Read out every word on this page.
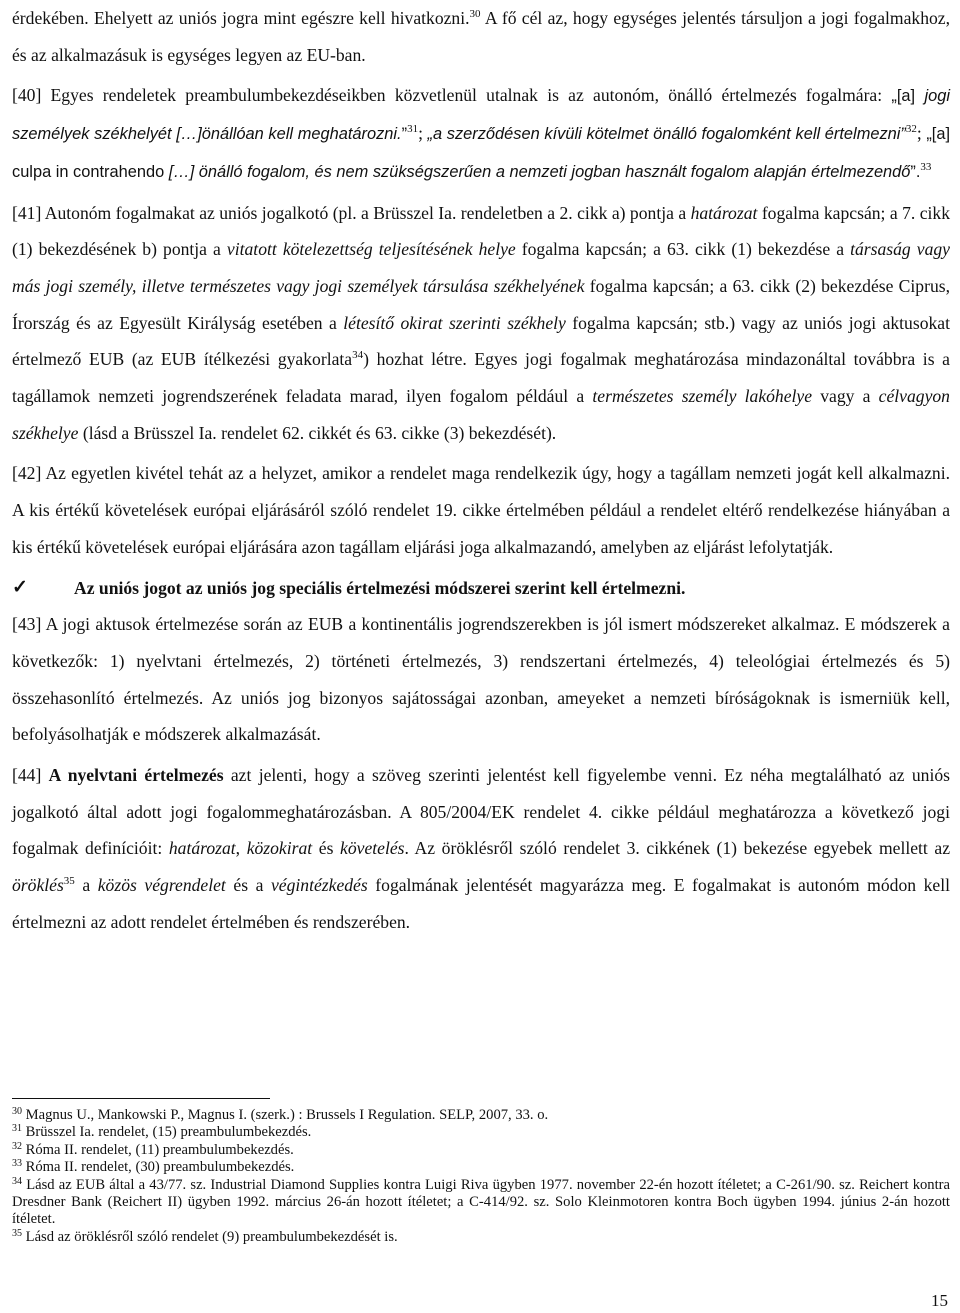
érdekében. Ehelyett az uniós jogra mint egészre kell hivatkozni.$^{30}$ A fő cél az, hogy egységes jelentés társuljon a jogi fogalmakhoz, és az alkalmazásuk is egységes legyen az EU-ban.

[40] Egyes rendeletek preambulumbekezdéseikben közvetlenül utalnak is az autonóm, önálló értelmezés fogalmára: „[a] jogi személyek székhelyét […]önállóan kell meghatározni.”$^{31}$; „a szerződésen kívüli kötelmet önálló fogalomként kell értelmezni”$^{32}$; „[a] culpa in contrahendo […] önálló fogalom, és nem szükségszerűen a nemzeti jogban használt fogalom alapján értelmezendő”.$^{33}$

[41] Autonóm fogalmakat az uniós jogalkotó (pl. a Brüsszel Ia. rendeletben a 2. cikk a) pontja a határozat fogalma kapcsán; a 7. cikk (1) bekezdésének b) pontja a vitatott kötelezettség teljesítésének helye fogalma kapcsán; a 63. cikk (1) bekezdése a társaság vagy más jogi személy, illetve természetes vagy jogi személyek társulása székhelyének fogalma kapcsán; a 63. cikk (2) bekezdése Ciprus, Írország és az Egyesült Királyság esetében a létesítő okirat szerinti székhely fogalma kapcsán; stb.) vagy az uniós jogi aktusokat értelmező EUB (az EUB ítélkezési gyakorlata$^{34}$) hozhat létre. Egyes jogi fogalmak meghatározása mindazonáltal továbbra is a tagállamok nemzeti jogrendszerének feladata marad, ilyen fogalom például a természetes személy lakóhelye vagy a célvagyon székhelye (lásd a Brüsszel Ia. rendelet 62. cikkét és 63. cikke (3) bekezdését).

[42] Az egyetlen kivétel tehát az a helyzet, amikor a rendelet maga rendelkezik úgy, hogy a tagállam nemzeti jogát kell alkalmazni. A kis értékű követelések európai eljárásáról szóló rendelet 19. cikke értelmében például a rendelet eltérő rendelkezése hiányában a kis értékű követelések európai eljárására azon tagállam eljárási joga alkalmazandó, amelyben az eljárást lefolytatják.

✓	Az uniós jogot az uniós jog speciális értelmezési módszerei szerint kell értelmezni.

[43] A jogi aktusok értelmezése során az EUB a kontinentális jogrendszerekben is jól ismert módszereket alkalmaz. E módszerek a következők: 1) nyelvtani értelmezés, 2) történeti értelmezés, 3) rendszertani értelmezés, 4) teleológiai értelmezés és 5) összehasonlító értelmezés. Az uniós jog bizonyos sajátosságai azonban, ameyeket a nemzeti bíróságoknak is ismerniük kell, befolyásolhatják e módszerek alkalmazását.

[44] A nyelvtani értelmezés azt jelenti, hogy a szöveg szerinti jelentést kell figyelembe venni. Ez néha megtalálható az uniós jogalkotó által adott jogi fogalommeghatározásban. A 805/2004/EK rendelet 4. cikke például meghatározza a következő jogi fogalmak definícióit: határozat, közokirat és követelés. Az öröklésről szóló rendelet 3. cikkének (1) bekezése egyebek mellett az öröklés$^{35}$ a közös végrendelet és a végintézkedés fogalmának jelentését magyarázza meg. E fogalmakat is autonóm módon kell értelmezni az adott rendelet értelmében és rendszerében.

$^{30}$ Magnus U., Mankowski P., Magnus I. (szerk.) : Brussels I Regulation. SELP, 2007, 33. o.

$^{31}$ Brüsszel Ia. rendelet, (15) preambulumbekezdés.

$^{32}$ Róma II. rendelet, (11) preambulumbekezdés.

$^{33}$ Róma II. rendelet, (30) preambulumbekezdés.

$^{34}$ Lásd az EUB által a 43/77. sz. Industrial Diamond Supplies kontra Luigi Riva ügyben 1977. november 22-én hozott ítéletet; a C-261/90. sz. Reichert kontra Dresdner Bank (Reichert II) ügyben 1992. március 26-án hozott ítéletet; a C-414/92. sz. Solo Kleinmotoren kontra Boch ügyben 1994. június 2-án hozott ítéletet.

$^{35}$ Lásd az öröklésről szóló rendelet (9) preambulumbekezdését is.

15
